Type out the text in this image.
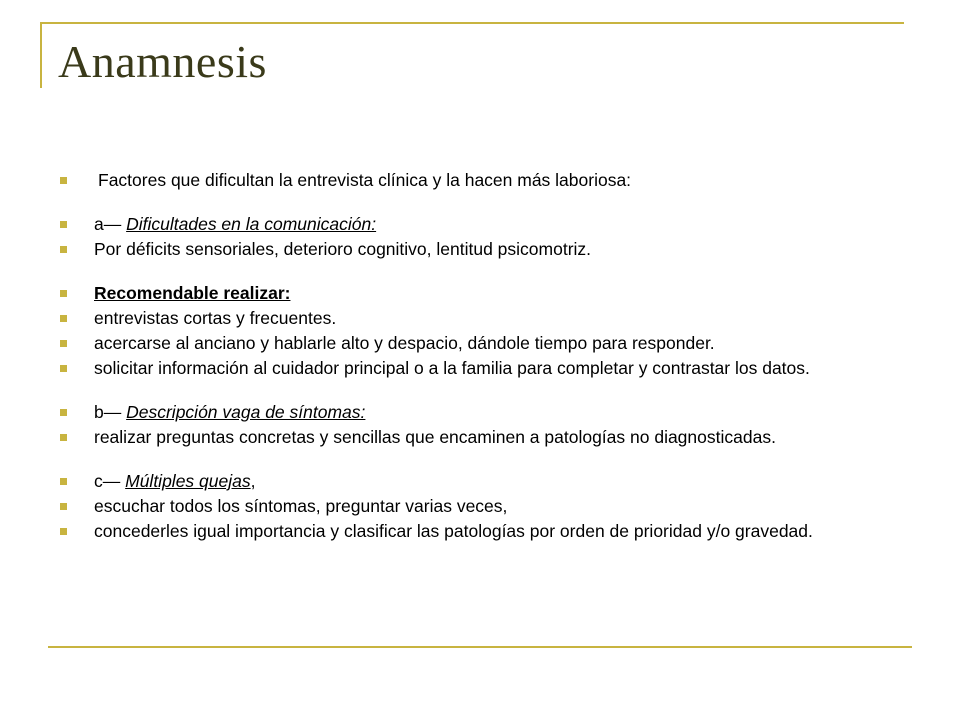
Anamnesis
Factores que dificultan la entrevista clínica y la hacen más laboriosa:
a— Dificultades en la comunicación:
Por déficits sensoriales, deterioro cognitivo, lentitud psicomotriz.
Recomendable realizar:
entrevistas cortas y frecuentes.
acercarse al anciano y hablarle alto y despacio, dándole tiempo para responder.
solicitar información al cuidador principal o a la familia para completar y contrastar los datos.
b— Descripción vaga de síntomas:
realizar preguntas concretas y sencillas que encaminen a patologías no diagnosticadas.
c— Múltiples quejas,
escuchar todos los síntomas, preguntar varias veces,
concederles igual importancia y clasificar las patologías por orden de prioridad y/o gravedad.
